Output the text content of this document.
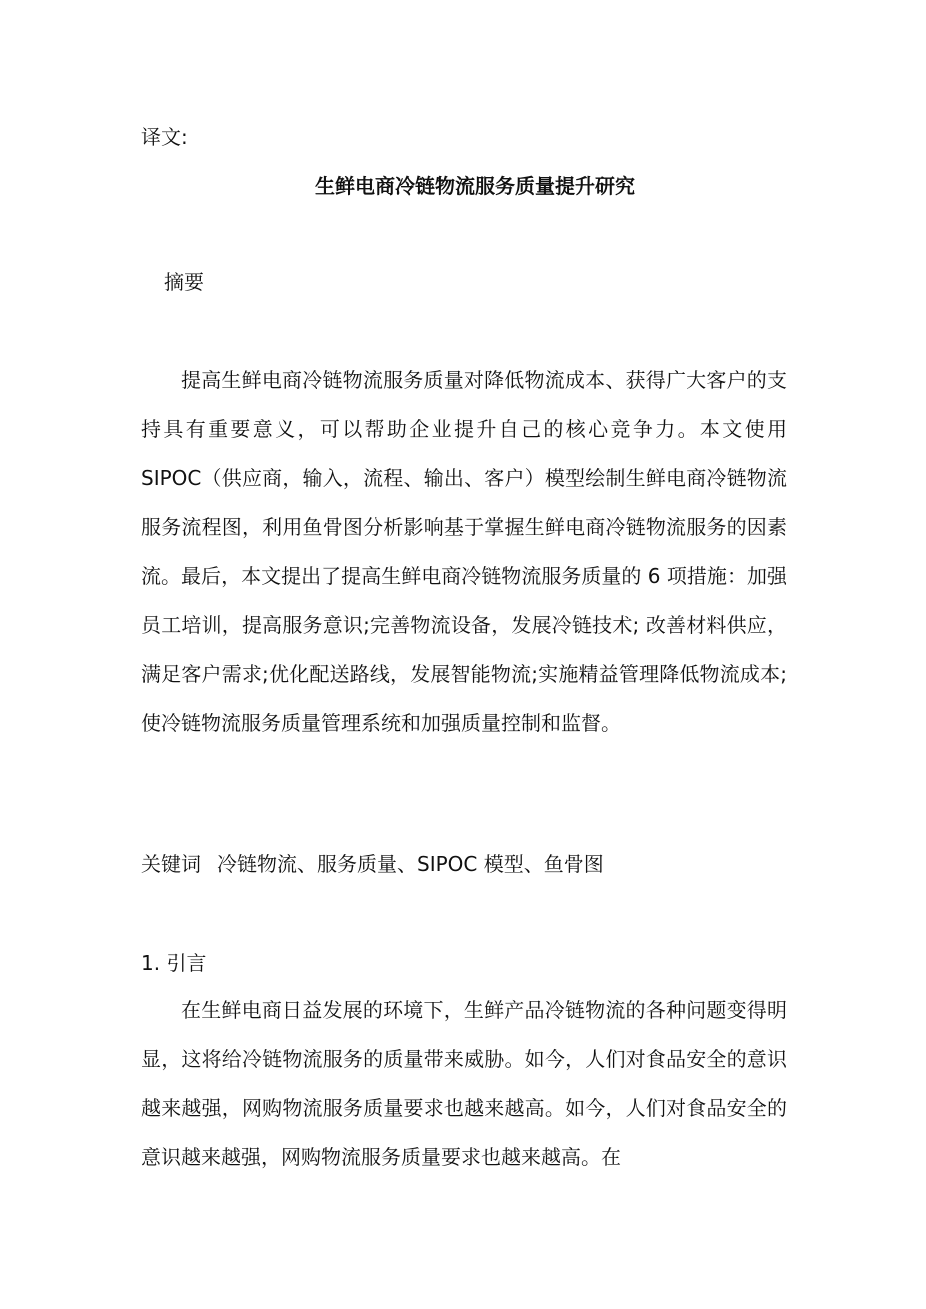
译文:
生鲜电商冷链物流服务质量提升研究
摘要

提高生鲜电商冷链物流服务质量对降低物流成本、获得广大客户的支持具有重要意义，可以帮助企业提升自己的核心竞争力。本文使用 SIPOC（供应商，输入，流程、输出、客户）模型绘制生鲜电商冷链物流服务流程图，利用鱼骨图分析影响基于掌握生鲜电商冷链物流服务的因素流。最后，本文提出了提高生鲜电商冷链物流服务质量的 6 项措施：加强员工培训，提高服务意识;完善物流设备，发展冷链技术; 改善材料供应，满足客户需求;优化配送路线，发展智能物流;实施精益管理降低物流成本;使冷链物流服务质量管理系统和加强质量控制和监督。

关键词 冷链物流、服务质量、SIPOC 模型、鱼骨图
1. 引言

在生鲜电商日益发展的环境下，生鲜产品冷链物流的各种问题变得明显，这将给冷链物流服务的质量带来威胁。如今，人们对食品安全的意识越来越强，网购物流服务质量要求也越来越高。如今，人们对食品安全的意识越来越强，网购物流服务质量要求也越来越高。在
